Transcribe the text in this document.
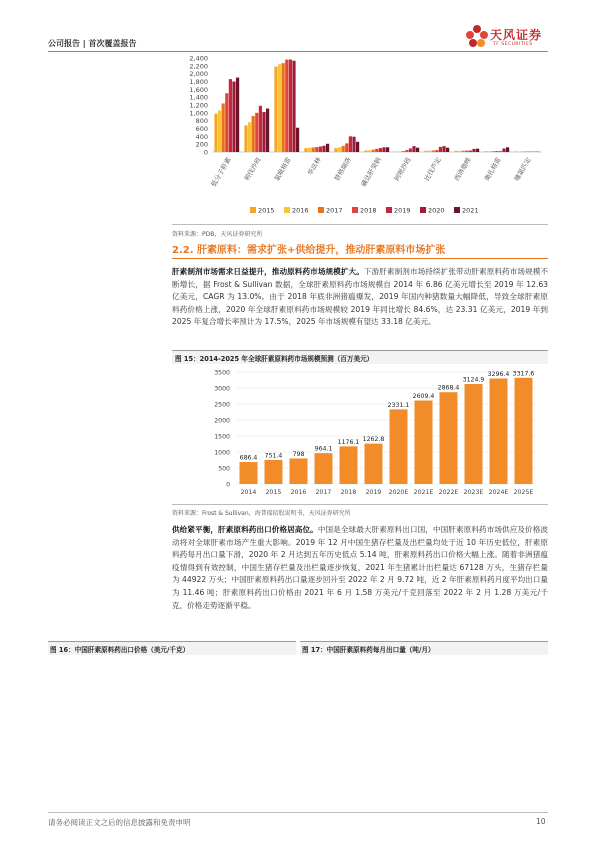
公司报告 | 首次覆盖报告
天风证券
TF SECURITIES
0
200
400
600
800
1,000
1,200
1,400
1,600
1,800
2,000
2,200
2,400
低分子肝素 利伐沙班 氯吡格雷 华法林 替格瑞洛 磺达肝癸钠 阿哌沙班 比伐芦定 西洛他唑 奥扎格雷 噻氯匹定
2015	2016	2017	2018	2019	2020	2021
资料来源：PDB，天风证券研究所
2.2. 肝素原料：需求扩张+供给提升，推动肝素原料市场扩张
肝素制剂市场需求日益提升，推动原料药市场规模扩大。下游肝素制剂市场持续扩张带动肝素原料药市场规模不断增长，据 Frost & Sullivan 数据，全球肝素原料药市场规模自 2014 年 6.86 亿美元增长至 2019 年 12.63 亿美元，CAGR 为 13.0%。由于 2018 年底非洲猪瘟爆发，2019 年国内种猪数量大幅降低，导致全球肝素原料药价格上涨，2020 年全球肝素原料药市场规模较 2019 年同比增长 84.6%，达 23.31 亿美元，2019 年到 2025 年复合增长率预计为 17.5%，2025 年市场规模有望达 33.18 亿美元。
图 15：2014-2025 年全球肝素原料药市场规模预测（百万美元）
0
500
1000
1500
2000
2500
3000
3500
686.4
2014
751.4
2015
798
2016
964.1
2017
1176.1
2018
1262.8
2019
2331.1
2020E
2609.4
2021E
2868.4
2022E
3124.9
2023E
3296.4
2024E
3317.6
2025E
资料来源：Frost & Sullivan，海普瑞招股说明书，天风证券研究所
供给紧平衡，肝素原料药出口价格居高位。中国是全球最大肝素原料出口国，中国肝素原料药市场供应及价格波动将对全球肝素市场产生重大影响。2019 年 12 月中国生猪存栏量及出栏量均处于近 10 年历史低位，肝素原料药每月出口量下滑，2020 年 2 月达到五年历史低点 5.14 吨，肝素原料药出口价格大幅上涨。随着非洲猪瘟疫情得到有效控制，中国生猪存栏量及出栏量逐步恢复，2021 年生猪累计出栏量达 67128 万头，生猪存栏量为 44922 万头；中国肝素原料药出口量逐步回升至 2022 年 2 月 9.72 吨，近 2 年肝素原料药月度平均出口量为 11.46 吨；肝素原料药出口价格由 2021 年 6 月 1.58 万美元/千克回落至 2022 年 2 月 1.28 万美元/千克，价格走势逐渐平稳。
图 16：中国肝素原料药出口价格（美元/千克）	图 17：中国肝素原料药每月出口量（吨/月）
请务必阅读正文之后的信息披露和免责申明	10
